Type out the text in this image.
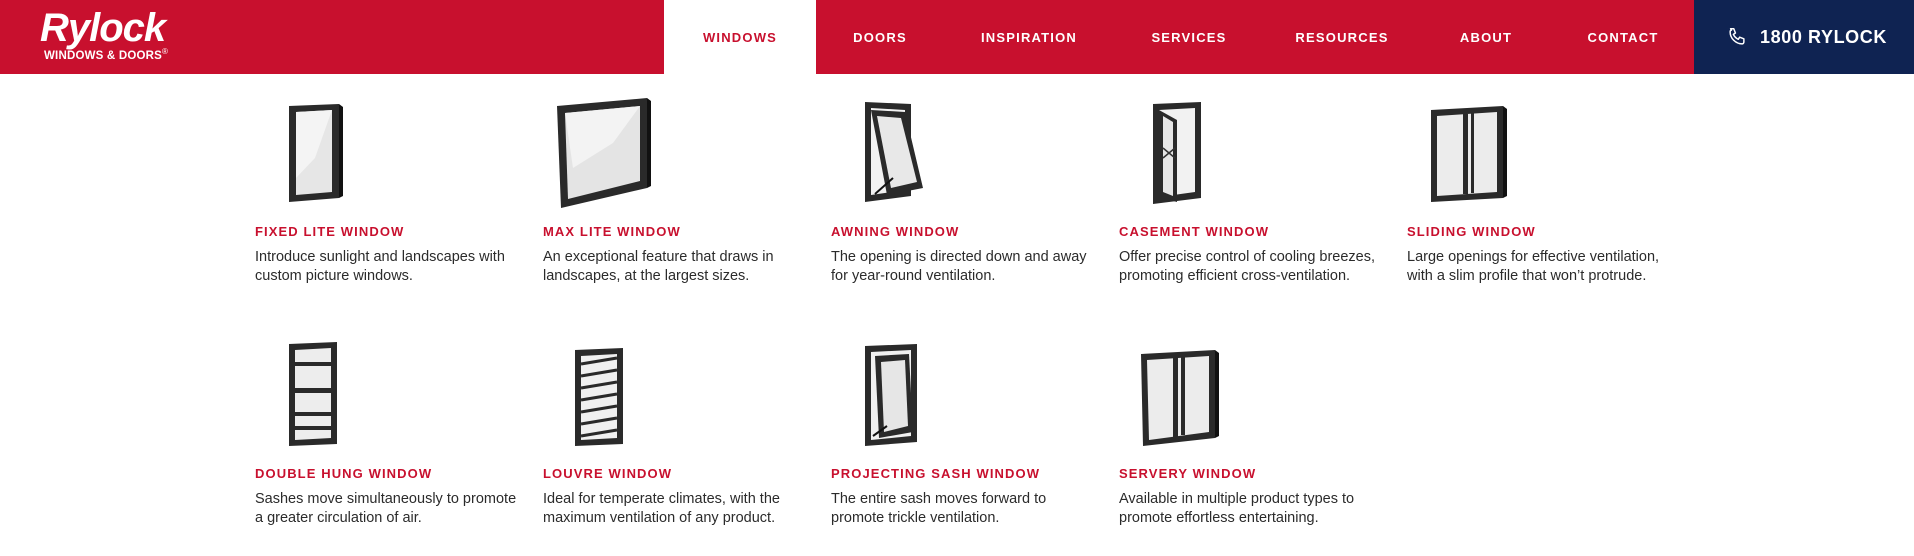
Rylock
WINDOWS & DOORS®
WINDOWS	DOORS	INSPIRATION	SERVICES	RESOURCES	ABOUT	CONTACT	1800 RYLOCK
FIXED LITE WINDOW
Introduce sunlight and landscapes with custom picture windows.
MAX LITE WINDOW
An exceptional feature that draws in landscapes, at the largest sizes.
AWNING WINDOW
The opening is directed down and away for year-round ventilation.
CASEMENT WINDOW
Offer precise control of cooling breezes, promoting efficient cross-ventilation.
SLIDING WINDOW
Large openings for effective ventilation, with a slim profile that won’t protrude.
DOUBLE HUNG WINDOW
Sashes move simultaneously to promote a greater circulation of air.
LOUVRE WINDOW
Ideal for temperate climates, with the maximum ventilation of any product.
PROJECTING SASH WINDOW
The entire sash moves forward to promote trickle ventilation.
SERVERY WINDOW
Available in multiple product types to promote effortless entertaining.
